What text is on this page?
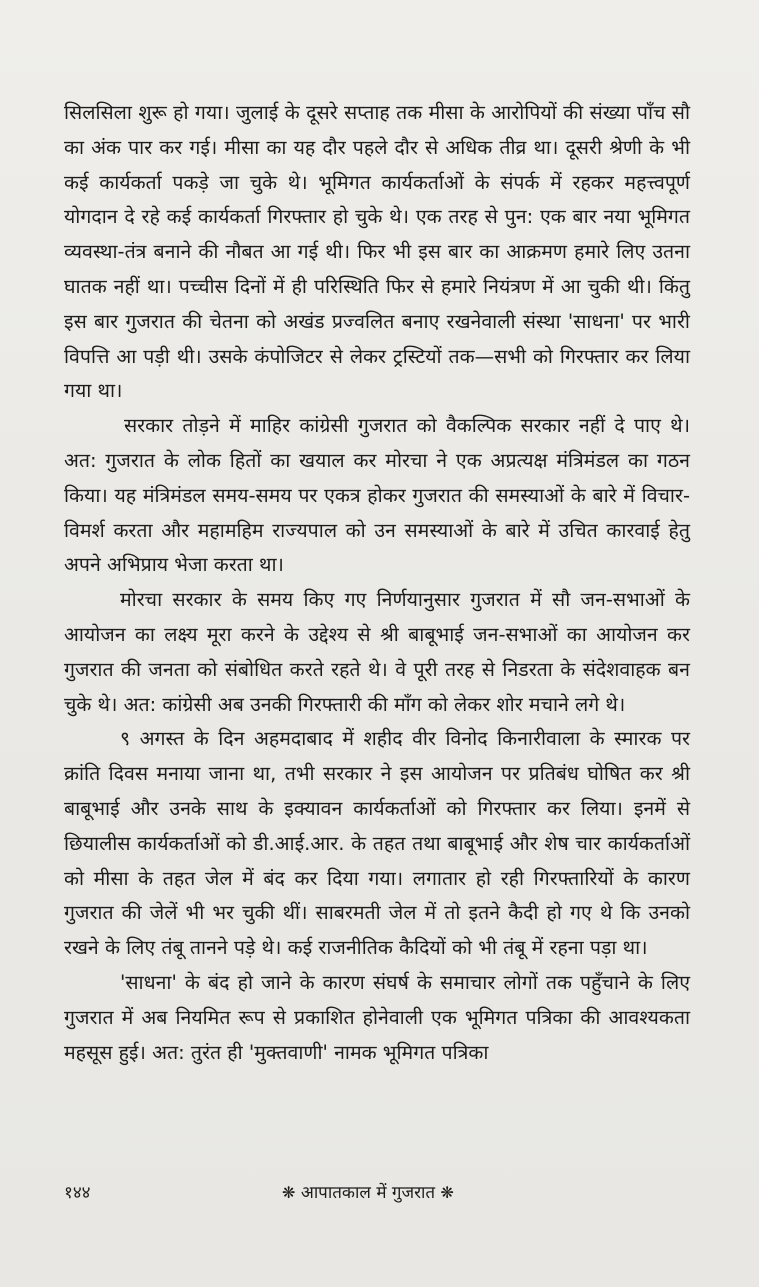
सिलसिला शुरू हो गया। जुलाई के दूसरे सप्ताह तक मीसा के आरोपियों की संख्या पाँच सौ का अंक पार कर गई। मीसा का यह दौर पहले दौर से अधिक तीव्र था। दूसरी श्रेणी के भी कई कार्यकर्ता पकड़े जा चुके थे। भूमिगत कार्यकर्ताओं के संपर्क में रहकर महत्त्वपूर्ण योगदान दे रहे कई कार्यकर्ता गिरफ्तार हो चुके थे। एक तरह से पुन: एक बार नया भूमिगत व्यवस्था-तंत्र बनाने की नौबत आ गई थी। फिर भी इस बार का आक्रमण हमारे लिए उतना घातक नहीं था। पच्चीस दिनों में ही परिस्थिति फिर से हमारे नियंत्रण में आ चुकी थी। किंतु इस बार गुजरात की चेतना को अखंड प्रज्वलित बनाए रखनेवाली संस्था 'साधना' पर भारी विपत्ति आ पड़ी थी। उसके कंपोजिटर से लेकर ट्रस्टियों तक—सभी को गिरफ्तार कर लिया गया था।

सरकार तोड़ने में माहिर कांग्रेसी गुजरात को वैकल्पिक सरकार नहीं दे पाए थे। अत: गुजरात के लोक हितों का खयाल कर मोरचा ने एक अप्रत्यक्ष मंत्रिमंडल का गठन किया। यह मंत्रिमंडल समय-समय पर एकत्र होकर गुजरात की समस्याओं के बारे में विचार-विमर्श करता और महामहिम राज्यपाल को उन समस्याओं के बारे में उचित कारवाई हेतु अपने अभिप्राय भेजा करता था।

मोरचा सरकार के समय किए गए निर्णयानुसार गुजरात में सौ जन-सभाओं के आयोजन का लक्ष्य मूरा करने के उद्देश्य से श्री बाबूभाई जन-सभाओं का आयोजन कर गुजरात की जनता को संबोधित करते रहते थे। वे पूरी तरह से निडरता के संदेशवाहक बन चुके थे। अत: कांग्रेसी अब उनकी गिरफ्तारी की माँग को लेकर शोर मचाने लगे थे।

९ अगस्त के दिन अहमदाबाद में शहीद वीर विनोद किनारीवाला के स्मारक पर क्रांति दिवस मनाया जाना था, तभी सरकार ने इस आयोजन पर प्रतिबंध घोषित कर श्री बाबूभाई और उनके साथ के इक्यावन कार्यकर्ताओं को गिरफ्तार कर लिया। इनमें से छियालीस कार्यकर्ताओं को डी.आई.आर. के तहत तथा बाबूभाई और शेष चार कार्यकर्ताओं को मीसा के तहत जेल में बंद कर दिया गया। लगातार हो रही गिरफ्तारियों के कारण गुजरात की जेलें भी भर चुकी थीं। साबरमती जेल में तो इतने कैदी हो गए थे कि उनको रखने के लिए तंबू तानने पड़े थे। कई राजनीतिक कैदियों को भी तंबू में रहना पड़ा था।

'साधना' के बंद हो जाने के कारण संघर्ष के समाचार लोगों तक पहुँचाने के लिए गुजरात में अब नियमित रूप से प्रकाशित होनेवाली एक भूमिगत पत्रिका की आवश्यकता महसूस हुई। अत: तुरंत ही 'मुक्तवाणी' नामक भूमिगत पत्रिका

१४४	❋ आपातकाल में गुजरात ❋
